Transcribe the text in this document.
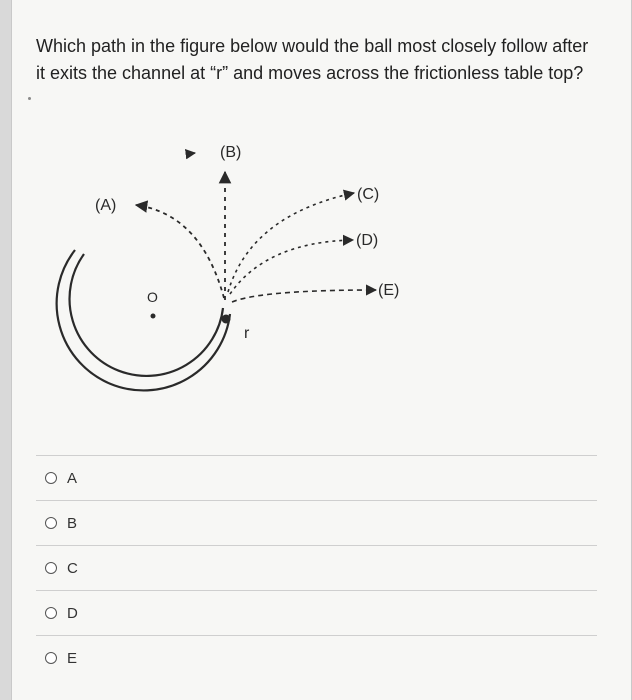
Which path in the figure below would the ball most closely follow after it exits the channel at “r” and moves across the frictionless table top?
(A)
(B)
(C)
(D)
(E)
O
r
A
B
C
D
E
